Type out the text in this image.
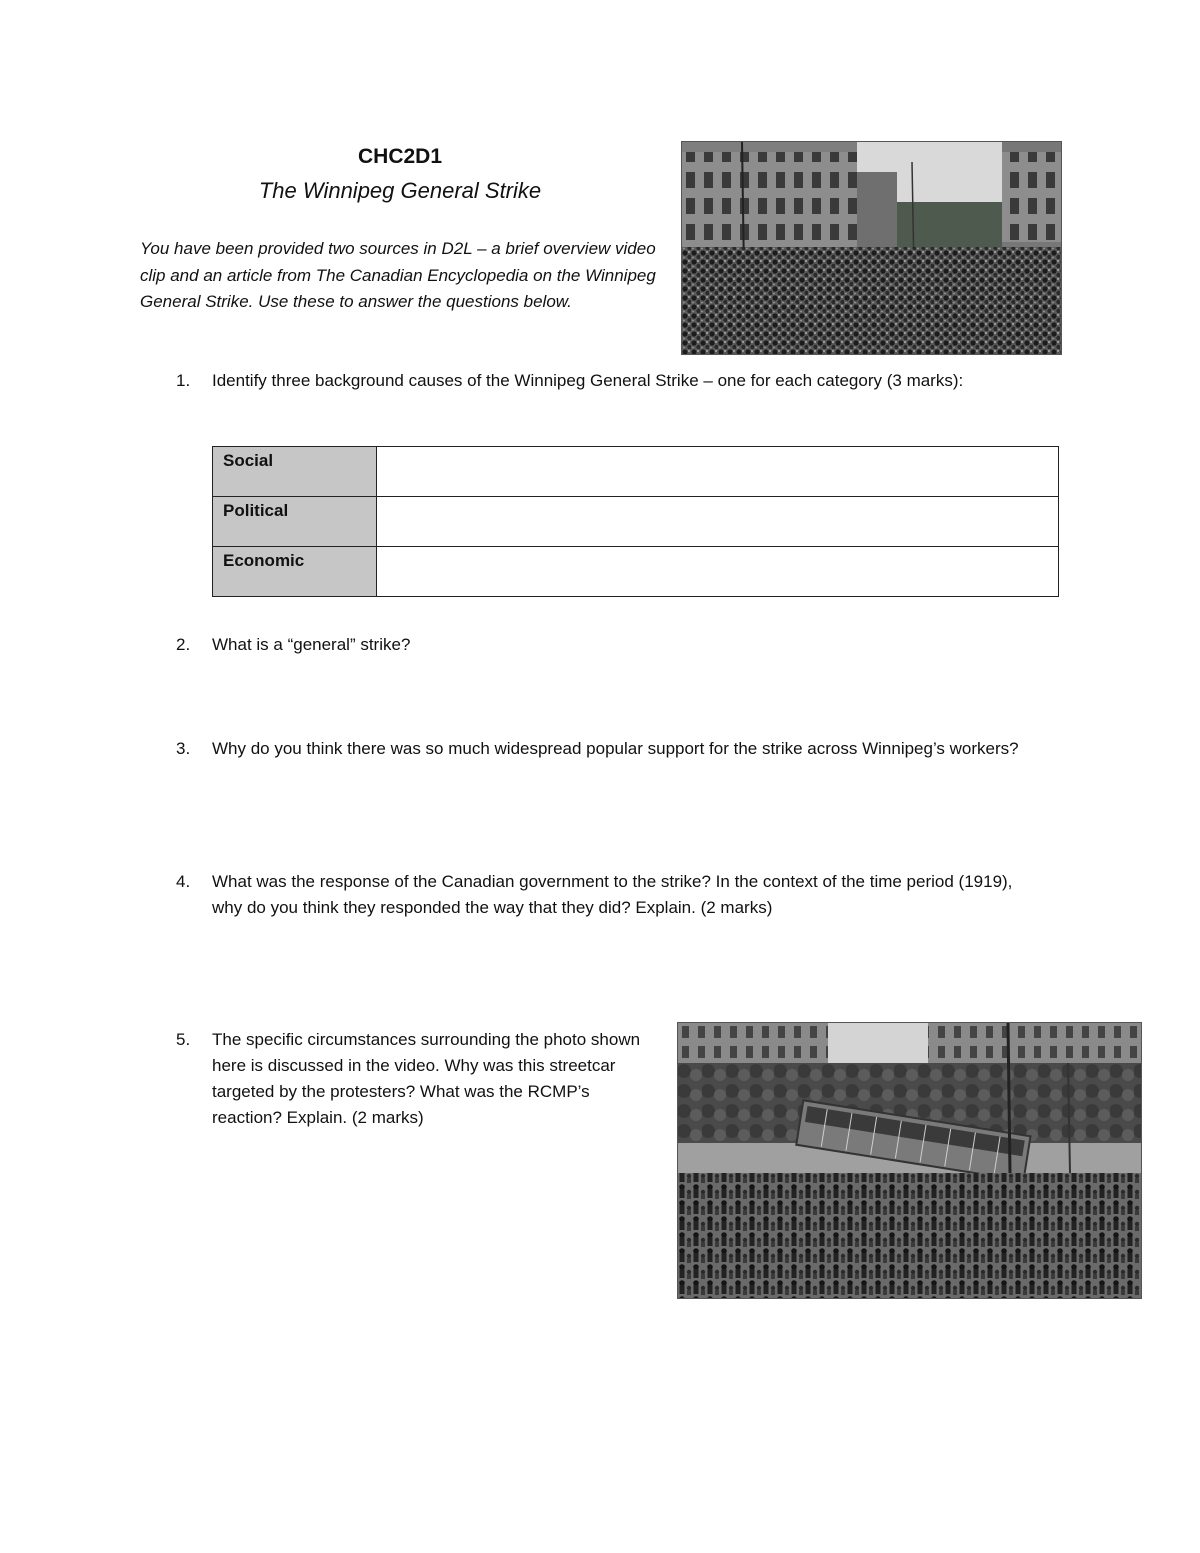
CHC2D1
The Winnipeg General Strike
You have been provided two sources in D2L – a brief overview video clip and an article from The Canadian Encyclopedia on the Winnipeg General Strike. Use these to answer the questions below.
1. Identify three background causes of the Winnipeg General Strike – one for each category (3 marks):
Social	
Political	
Economic	
2. What is a “general” strike?
3. Why do you think there was so much widespread popular support for the strike across Winnipeg’s workers?
4. What was the response of the Canadian government to the strike? In the context of the time period (1919), why do you think they responded the way that they did? Explain. (2 marks)
5. The specific circumstances surrounding the photo shown here is discussed in the video. Why was this streetcar targeted by the protesters? What was the RCMP’s reaction? Explain. (2 marks)
